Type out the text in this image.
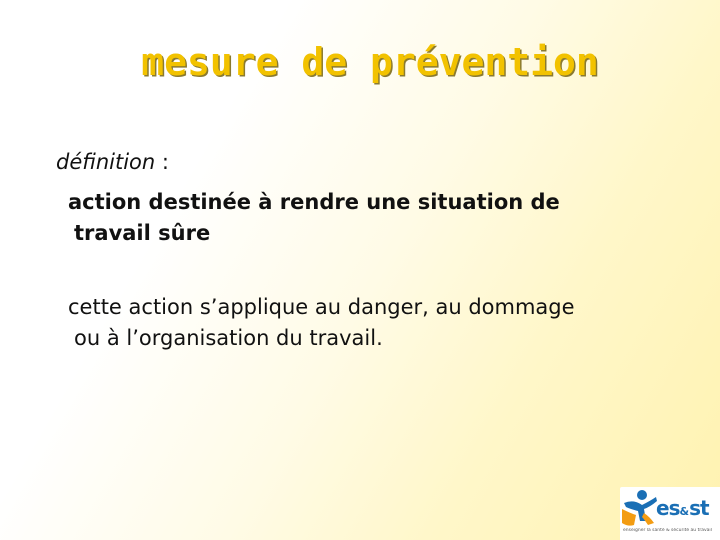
mesure de prévention
définition :
action destinée à rendre une situation de
travail sûre
cette action s’applique au danger, au dommage
ou à l’organisation du travail.
es&st
enseigner la santé & sécurité au travail
